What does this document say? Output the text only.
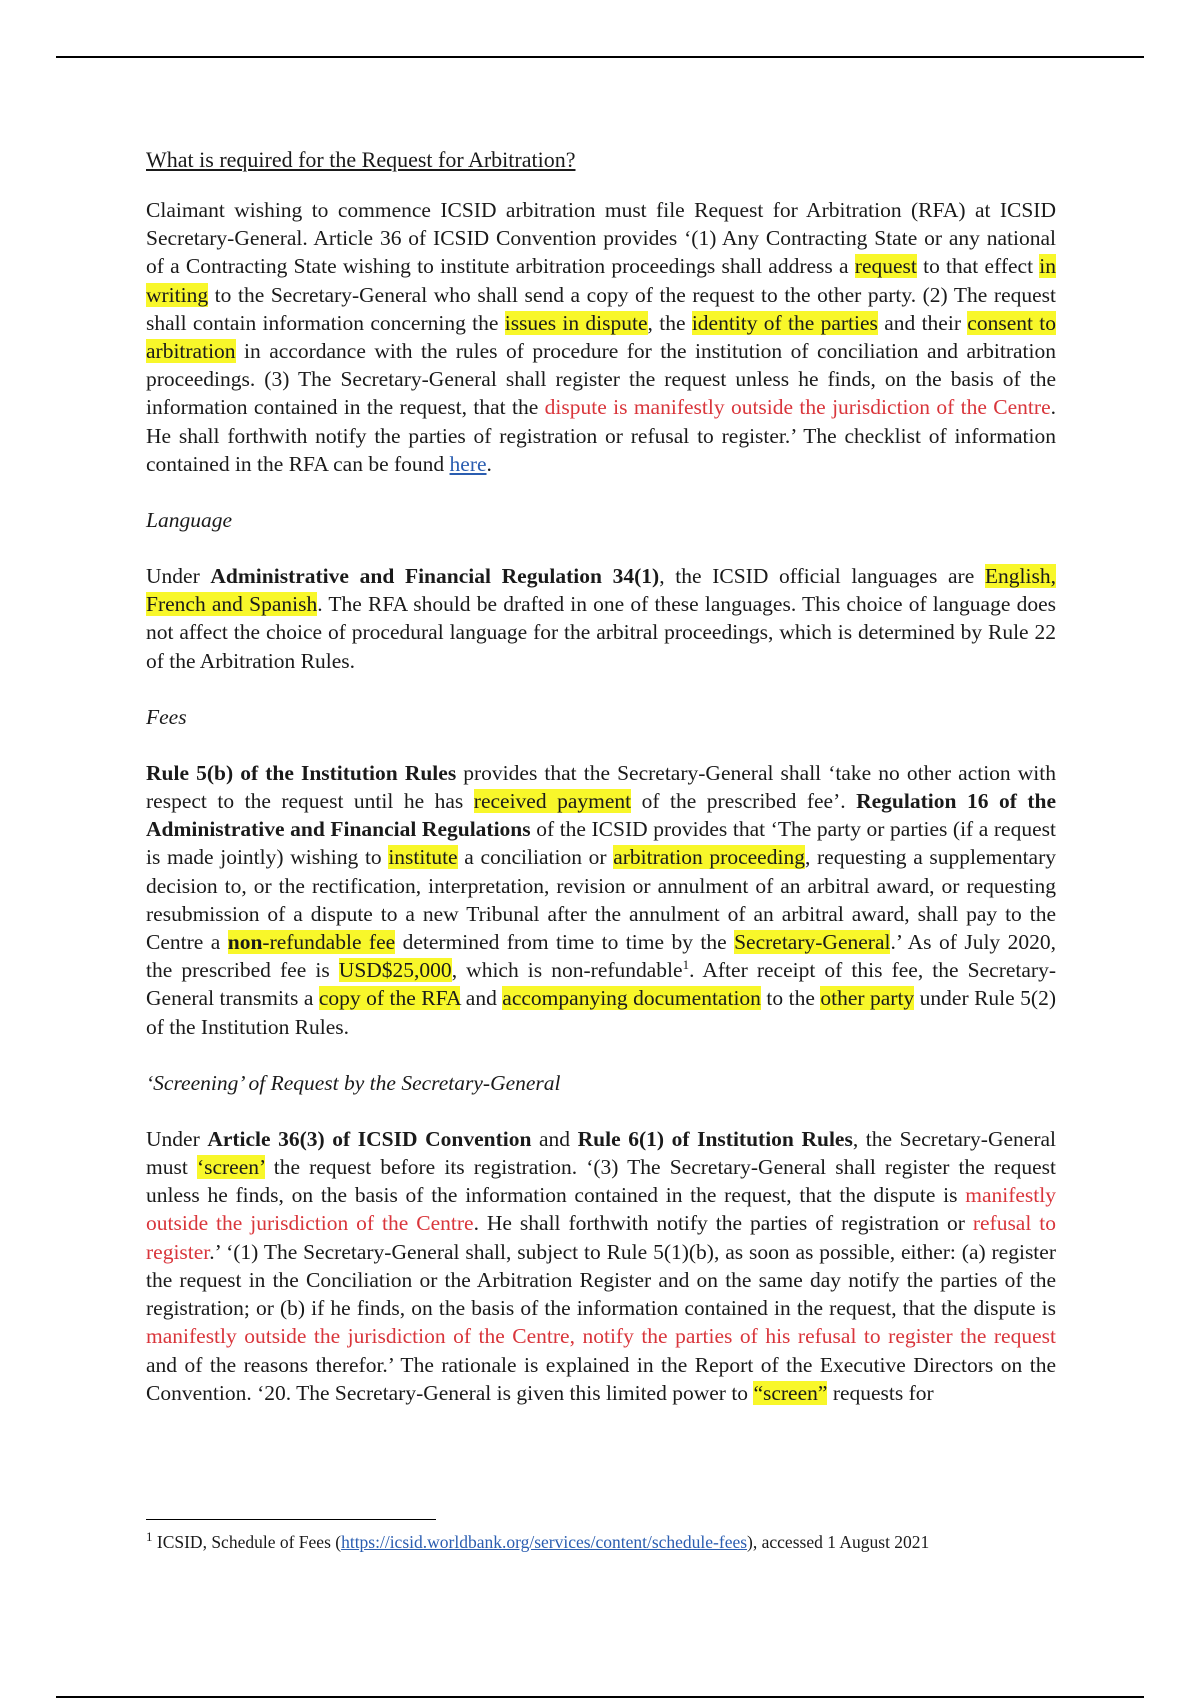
What is required for the Request for Arbitration?

Claimant wishing to commence ICSID arbitration must file Request for Arbitration (RFA) at ICSID Secretary-General. Article 36 of ICSID Convention provides ‘(1) Any Contracting State or any national of a Contracting State wishing to institute arbitration proceedings shall address a request to that effect in writing to the Secretary-General who shall send a copy of the request to the other party. (2) The request shall contain information concerning the issues in dispute, the identity of the parties and their consent to arbitration in accordance with the rules of procedure for the institution of conciliation and arbitration proceedings. (3) The Secretary-General shall register the request unless he finds, on the basis of the information contained in the request, that the dispute is manifestly outside the jurisdiction of the Centre. He shall forthwith notify the parties of registration or refusal to register.’ The checklist of information contained in the RFA can be found here.

Language

Under Administrative and Financial Regulation 34(1), the ICSID official languages are English, French and Spanish. The RFA should be drafted in one of these languages. This choice of language does not affect the choice of procedural language for the arbitral proceedings, which is determined by Rule 22 of the Arbitration Rules.

Fees

Rule 5(b) of the Institution Rules provides that the Secretary-General shall ‘take no other action with respect to the request until he has received payment of the prescribed fee’. Regulation 16 of the Administrative and Financial Regulations of the ICSID provides that ‘The party or parties (if a request is made jointly) wishing to institute a conciliation or arbitration proceeding, requesting a supplementary decision to, or the rectification, interpretation, revision or annulment of an arbitral award, or requesting resubmission of a dispute to a new Tribunal after the annulment of an arbitral award, shall pay to the Centre a non-refundable fee determined from time to time by the Secretary-General.’ As of July 2020, the prescribed fee is USD$25,000, which is non-refundable$^1$. After receipt of this fee, the Secretary-General transmits a copy of the RFA and accompanying documentation to the other party under Rule 5(2) of the Institution Rules.

‘Screening’ of Request by the Secretary-General

Under Article 36(3) of ICSID Convention and Rule 6(1) of Institution Rules, the Secretary-General must ‘screen’ the request before its registration. ‘(3) The Secretary-General shall register the request unless he finds, on the basis of the information contained in the request, that the dispute is manifestly outside the jurisdiction of the Centre. He shall forthwith notify the parties of registration or refusal to register.’ ‘(1) The Secretary-General shall, subject to Rule 5(1)(b), as soon as possible, either: (a) register the request in the Conciliation or the Arbitration Register and on the same day notify the parties of the registration; or (b) if he finds, on the basis of the information contained in the request, that the dispute is manifestly outside the jurisdiction of the Centre, notify the parties of his refusal to register the request and of the reasons therefor.’ The rationale is explained in the Report of the Executive Directors on the Convention. ‘20. The Secretary-General is given this limited power to “screen” requests for

$^1$ ICSID, Schedule of Fees (https://icsid.worldbank.org/services/content/schedule-fees), accessed 1 August 2021
